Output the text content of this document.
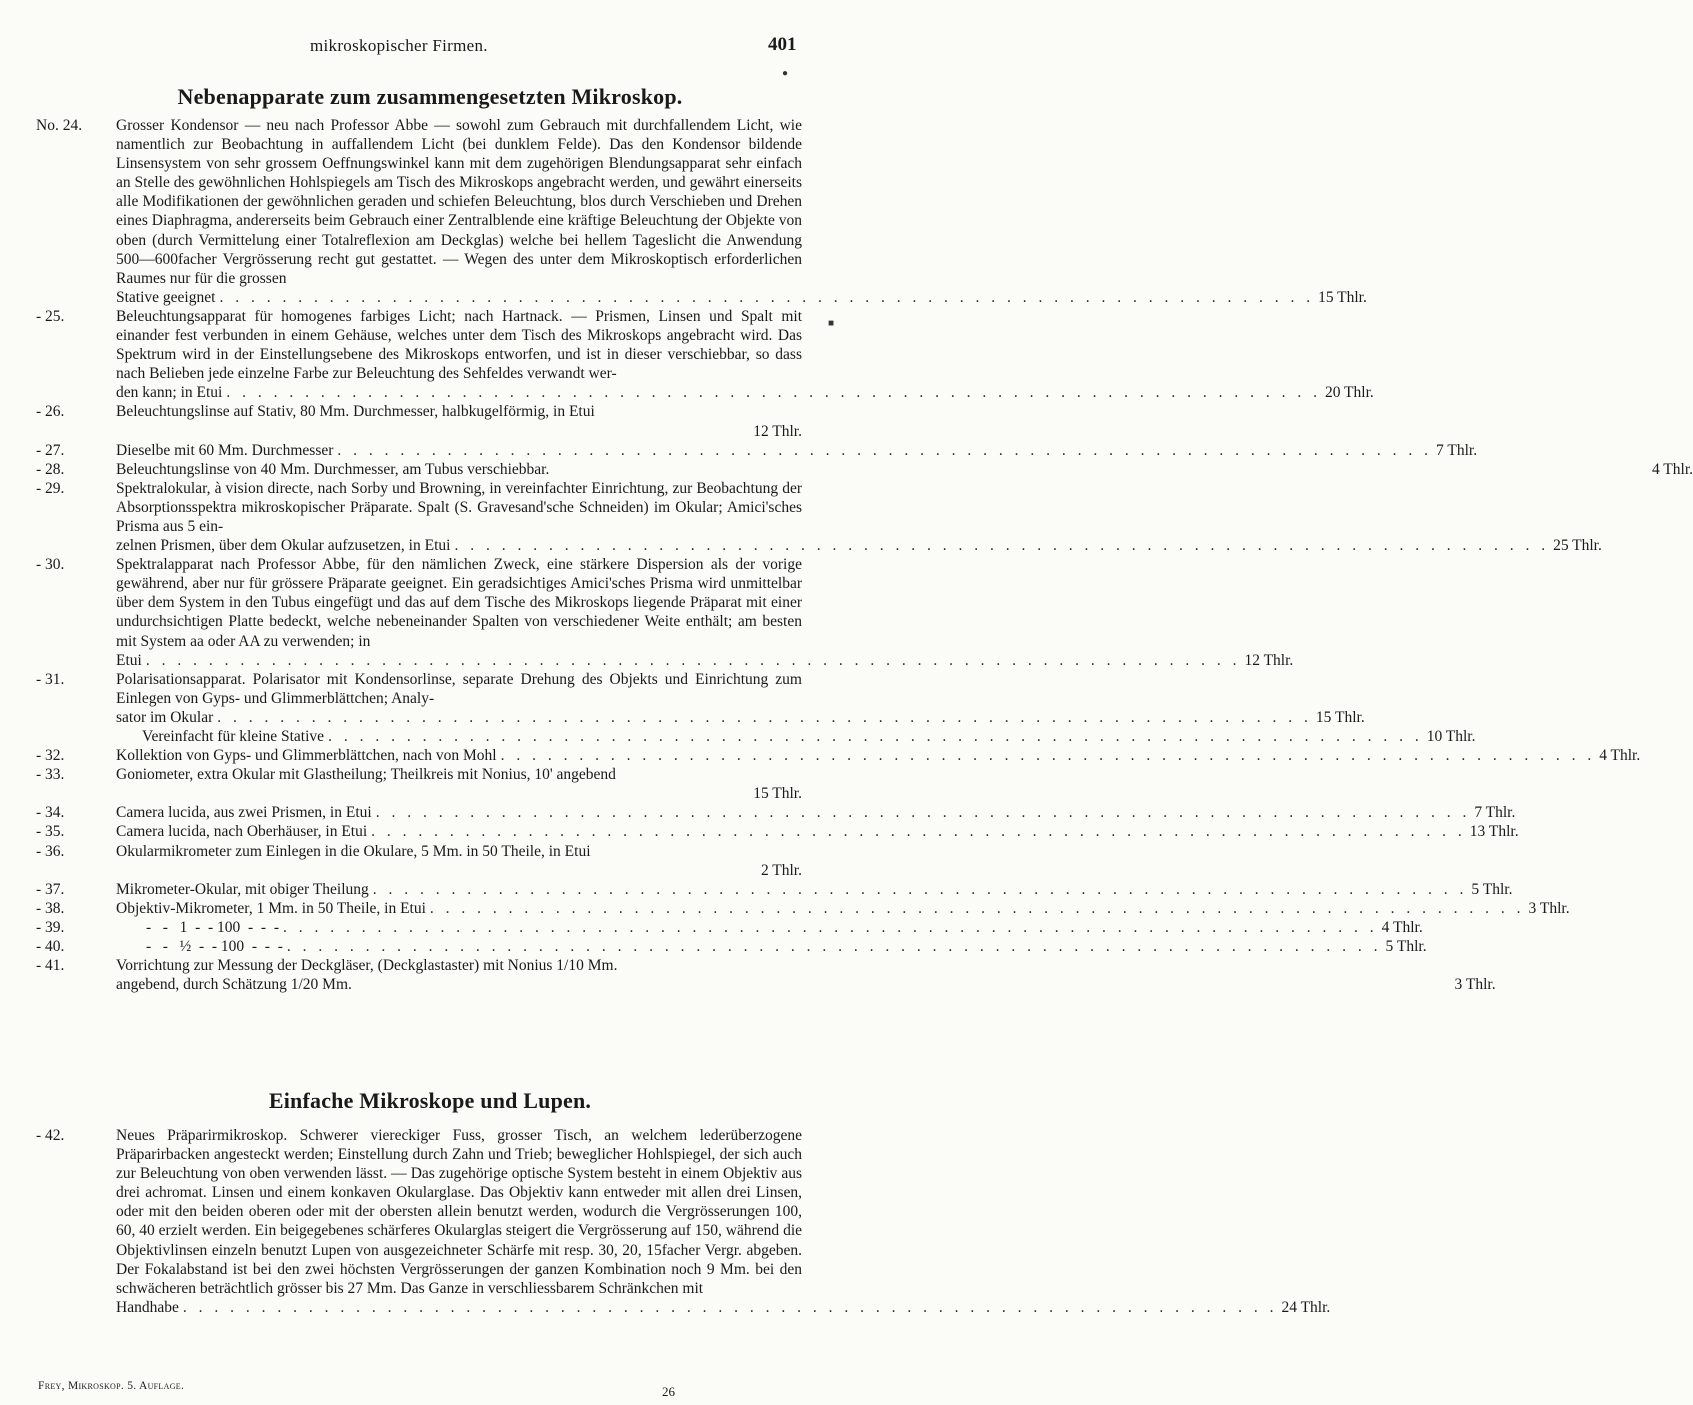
mikroskopischer Firmen.	401
●
■
Nebenapparate zum zusammengesetzten Mikroskop.
No. 24.	Grosser Kondensor — neu nach Professor Abbe — sowohl zum Gebrauch mit durchfallendem Licht, wie namentlich zur Beobachtung in auffallendem Licht (bei dunklem Felde). Das den Kondensor bildende Linsensystem von sehr grossem Oeffnungswinkel kann mit dem zugehörigen Blendungsapparat sehr einfach an Stelle des gewöhnlichen Hohlspiegels am Tisch des Mikroskops angebracht werden, und gewährt einerseits alle Modifikationen der gewöhnlichen geraden und schiefen Beleuchtung, blos durch Verschieben und Drehen eines Diaphragma, andererseits beim Gebrauch einer Zentralblende eine kräftige Beleuchtung der Objekte von oben (durch Vermittelung einer Totalreflexion am Deckglas) welche bei hellem Tageslicht die Anwendung 500—600facher Vergrösserung recht gut gestattet. — Wegen des unter dem Mikroskoptisch erforderlichen Raumes nur für die grossen
Stative geeignet . . .	15 Thlr.
- 25.	Beleuchtungsapparat für homogenes farbiges Licht; nach Hartnack. — Prismen, Linsen und Spalt mit einander fest verbunden in einem Gehäuse, welches unter dem Tisch des Mikroskops angebracht wird. Das Spektrum wird in der Einstellungsebene des Mikroskops entworfen, und ist in dieser verschiebbar, so dass nach Belieben jede einzelne Farbe zur Beleuchtung des Sehfeldes verwandt wer-
den kann; in Etui . . .	20 Thlr.
- 26.	Beleuchtungslinse auf Stativ, 80 Mm. Durchmesser, halbkugelförmig, in Etui
12 Thlr.
- 27.	Dieselbe mit 60 Mm. Durchmesser . . .	7 Thlr.
- 28.	Beleuchtungslinse von 40 Mm. Durchmesser, am Tubus verschiebbar.	4 Thlr.
- 29.	Spektralokular, à vision directe, nach Sorby und Browning, in vereinfachter Einrichtung, zur Beobachtung der Absorptionsspektra mikroskopischer Präparate. Spalt (S. Gravesand'sche Schneiden) im Okular; Amici'sches Prisma aus 5 ein-
zelnen Prismen, über dem Okular aufzusetzen, in Etui . . .	25 Thlr.
- 30.	Spektralapparat nach Professor Abbe, für den nämlichen Zweck, eine stärkere Dispersion als der vorige gewährend, aber nur für grössere Präparate geeignet. Ein geradsichtiges Amici'sches Prisma wird unmittelbar über dem System in den Tubus eingefügt und das auf dem Tische des Mikroskops liegende Präparat mit einer undurchsichtigen Platte bedeckt, welche nebeneinander Spalten von verschiedener Weite enthält; am besten mit System aa oder AA zu verwenden; in
Etui . . .	12 Thlr.
- 31.	Polarisationsapparat. Polarisator mit Kondensorlinse, separate Drehung des Objekts und Einrichtung zum Einlegen von Gyps- und Glimmerblättchen; Analy-
sator im Okular . . .	15 Thlr.
Vereinfacht für kleine Stative . . .	10 Thlr.
- 32.	Kollektion von Gyps- und Glimmerblättchen, nach von Mohl . . .	4 Thlr.
- 33.	Goniometer, extra Okular mit Glastheilung; Theilkreis mit Nonius, 10' angebend
15 Thlr.
- 34.	Camera lucida, aus zwei Prismen, in Etui . . .	7 Thlr.
- 35.	Camera lucida, nach Oberhäuser, in Etui . . .	13 Thlr.
- 36.	Okularmikrometer zum Einlegen in die Okulare, 5 Mm. in 50 Theile, in Etui
2 Thlr.
- 37.	Mikrometer-Okular, mit obiger Theilung . . .	5 Thlr.
- 38.	Objektiv-Mikrometer, 1 Mm. in 50 Theile, in Etui . . .	3 Thlr.
- 39.	-   -   1  -  - 100  -  -  - . . .	4 Thlr.
- 40.	-   -   ½  -  - 100  -  -  - . . .	5 Thlr.
- 41.	Vorrichtung zur Messung der Deckgläser, (Deckglastaster) mit Nonius 1/10 Mm.
angebend, durch Schätzung 1/20 Mm.	3 Thlr.
Einfache Mikroskope und Lupen.
- 42.	Neues Präparirmikroskop. Schwerer viereckiger Fuss, grosser Tisch, an welchem lederüberzogene Präparirbacken angesteckt werden; Einstellung durch Zahn und Trieb; beweglicher Hohlspiegel, der sich auch zur Beleuchtung von oben verwenden lässt. — Das zugehörige optische System besteht in einem Objektiv aus drei achromat. Linsen und einem konkaven Okularglase. Das Objektiv kann entweder mit allen drei Linsen, oder mit den beiden oberen oder mit der obersten allein benutzt werden, wodurch die Vergrösserungen 100, 60, 40 erzielt werden. Ein beigegebenes schärferes Okularglas steigert die Vergrösserung auf 150, während die Objektivlinsen einzeln benutzt Lupen von ausgezeichneter Schärfe mit resp. 30, 20, 15facher Vergr. abgeben. Der Fokalabstand ist bei den zwei höchsten Vergrösserungen der ganzen Kombination noch 9 Mm. bei den schwächeren beträchtlich grösser bis 27 Mm. Das Ganze in verschliessbarem Schränkchen mit
Handhabe . . .	24 Thlr.
Frey, Mikroskop. 5. Auflage.	26
